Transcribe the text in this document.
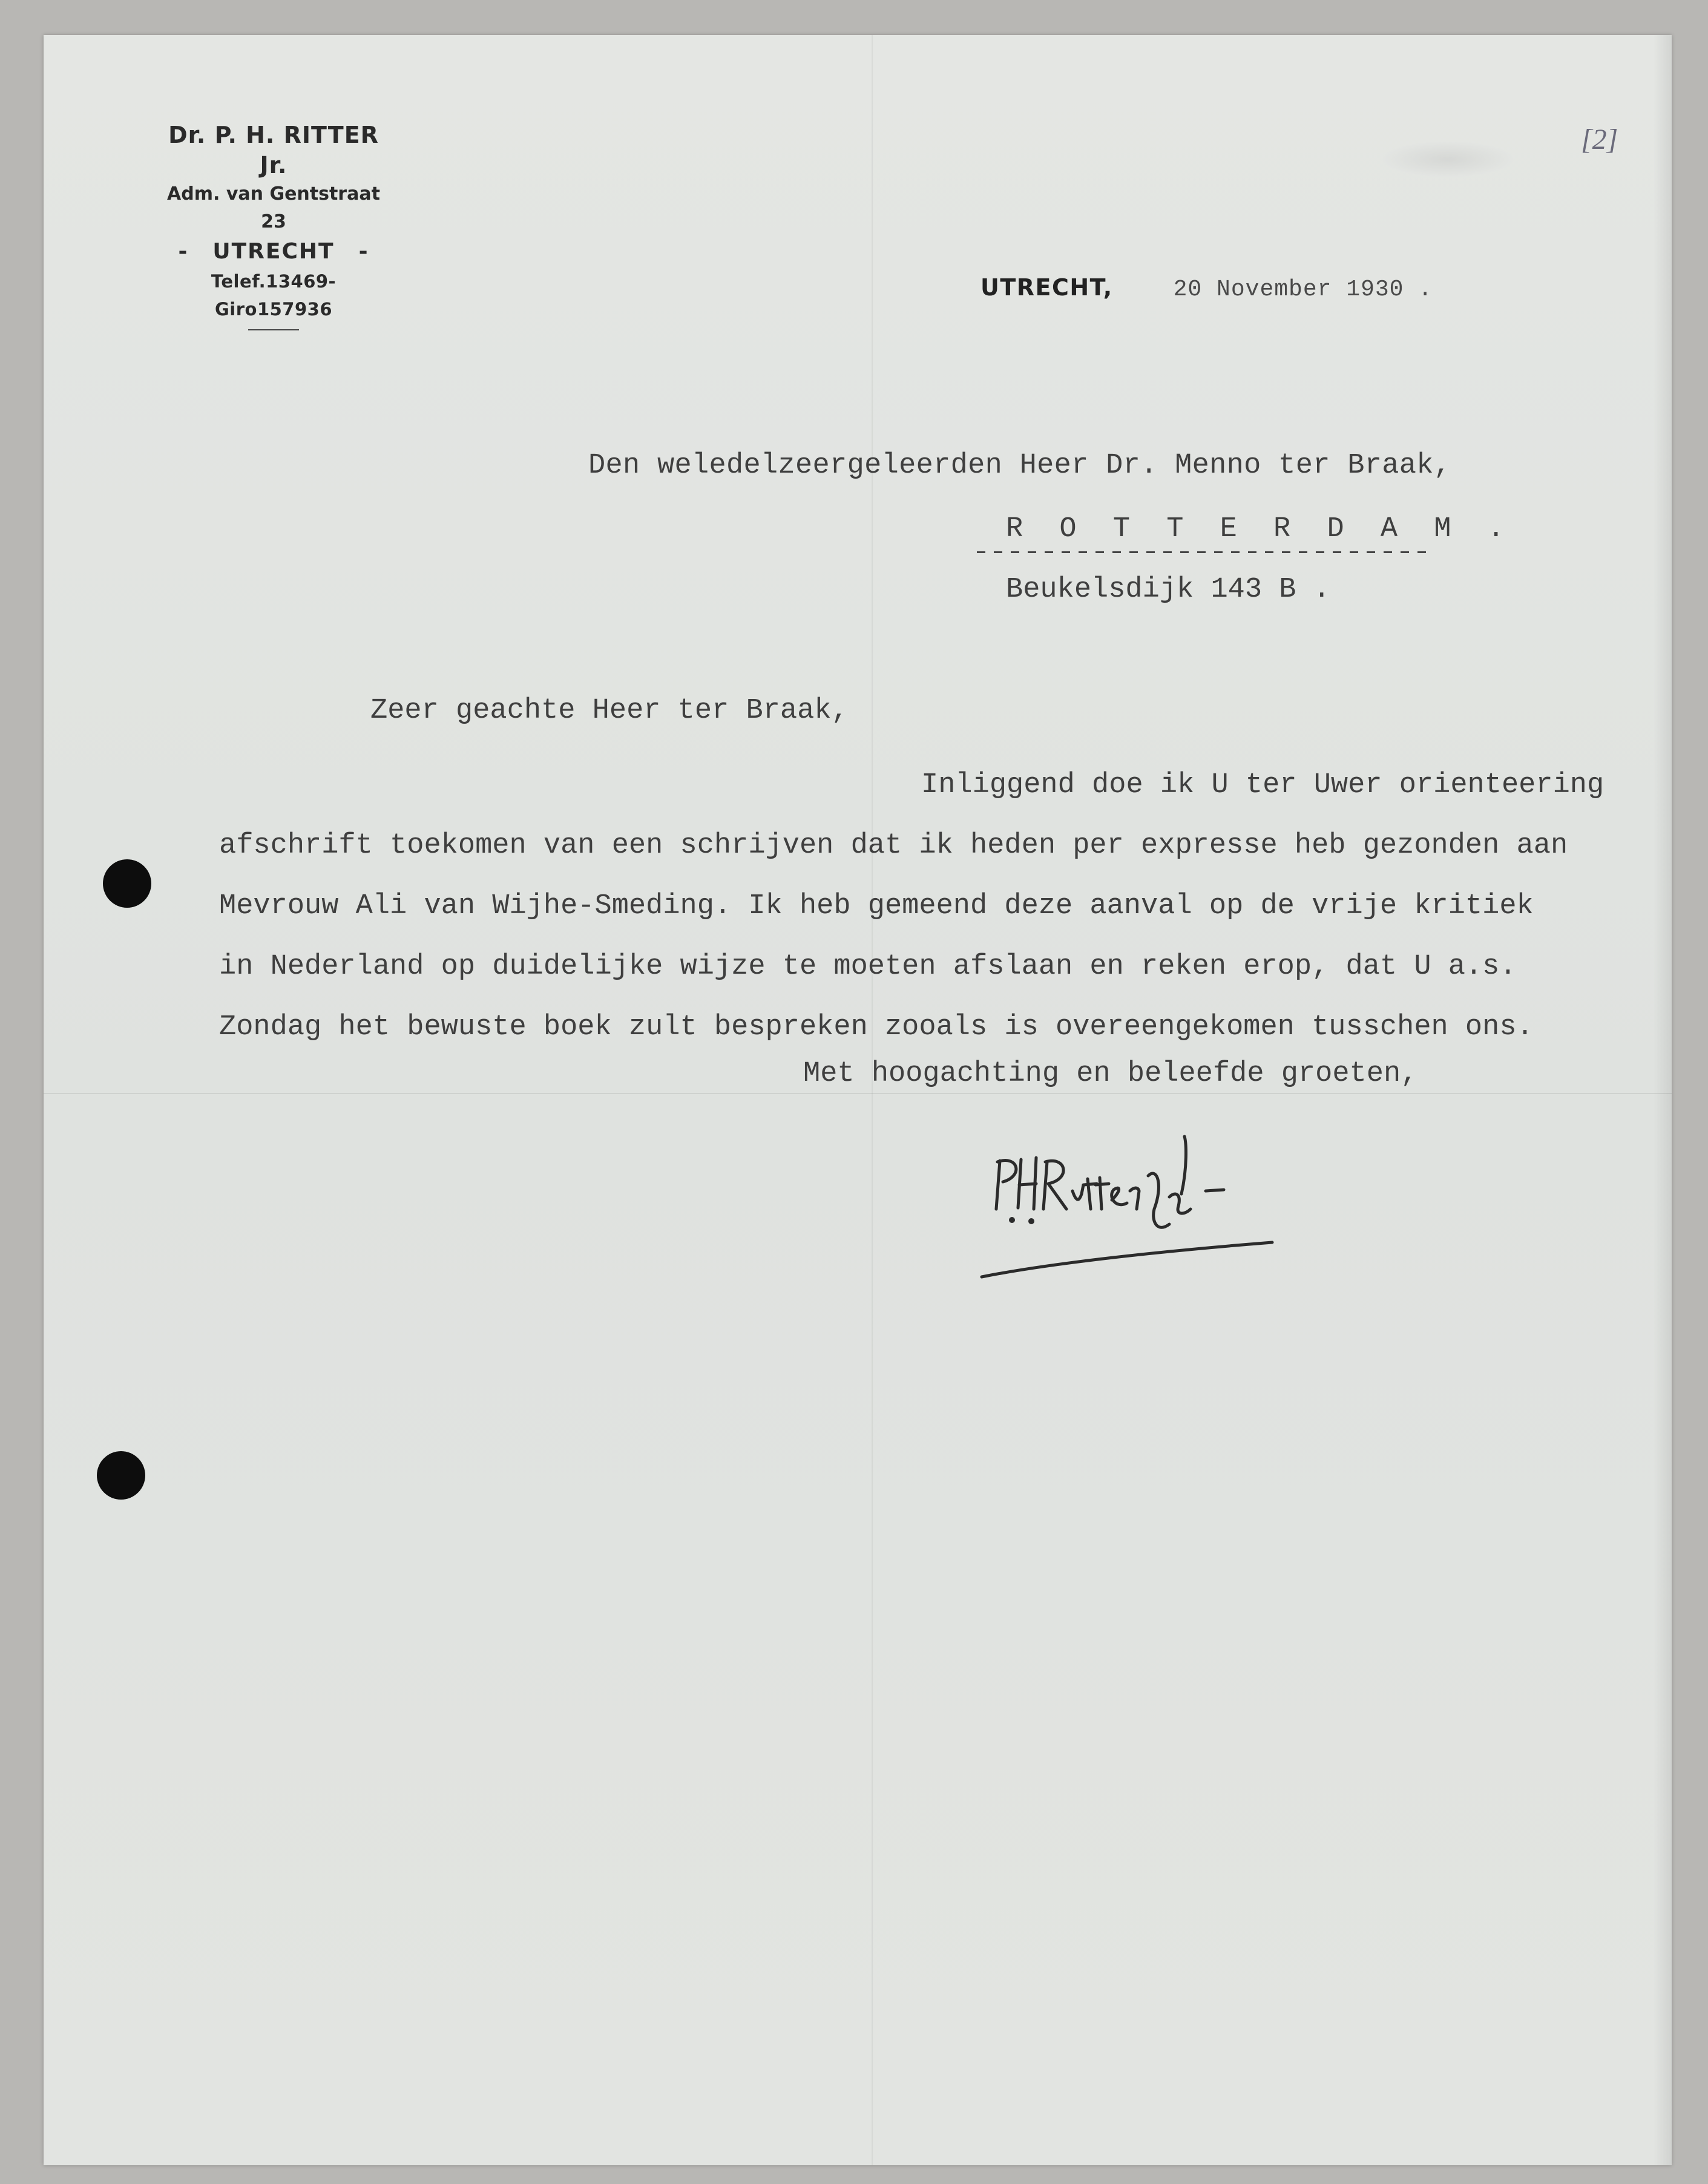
Dr. P. H. RITTER Jr.
Adm. van Gentstraat 23
- UTRECHT -
Telef.13469-Giro157936
[2]
UTRECHT,	20 November 1930 .
Den weledelzeergeleerden Heer Dr. Menno ter Braak,
R O T T E R D A M .
Beukelsdijk 143 B .
Zeer geachte Heer ter Braak,
Inliggend doe ik U ter Uwer orienteering
afschrift toekomen van een schrijven dat ik heden per expresse heb gezonden aan
Mevrouw Ali van Wijhe-Smeding. Ik heb gemeend deze aanval op de vrije kritiek
in Nederland op duidelijke wijze te moeten afslaan en reken erop, dat U a.s.
Zondag het bewuste boek zult bespreken zooals is overeengekomen tusschen ons.
Met hoogachting en beleefde groeten,
